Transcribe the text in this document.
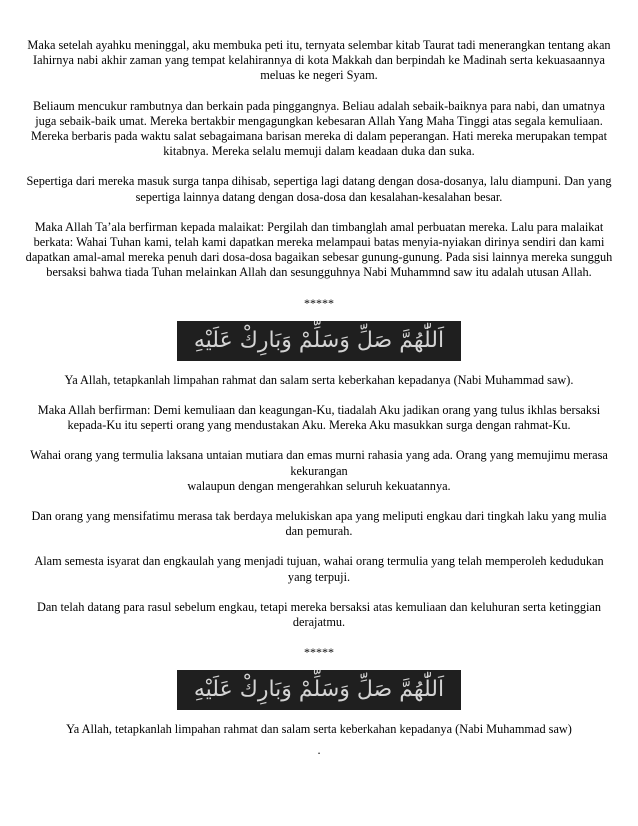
Maka setelah ayahku meninggal, aku membuka peti itu, ternyata selembar kitab Taurat tadi menerangkan tentang akan Iahirnya nabi akhir zaman yang tempat kelahirannya di kota Makkah dan berpindah ke Madinah serta kekuasaannya meluas ke negeri Syam.

Beliaum mencukur rambutnya dan berkain pada pinggangnya. Beliau adalah sebaik-baiknya para nabi, dan umatnya juga sebaik-baik umat. Mereka bertakbir mengagungkan kebesaran Allah Yang Maha Tinggi atas segala kemuliaan. Mereka berbaris pada waktu salat sebagaimana barisan mereka di dalam peperangan. Hati mereka merupakan tempat kitabnya. Mereka selalu memuji dalam keadaan duka dan suka.

Sepertiga dari mereka masuk surga tanpa dihisab, sepertiga lagi datang dengan dosa-dosanya, lalu diampuni. Dan yang sepertiga lainnya datang dengan dosa-dosa dan kesalahan-kesalahan besar.

Maka Allah Ta’ala berfirman kepada malaikat: Pergilah dan timbanglah amal perbuatan mereka. Lalu para malaikat berkata: Wahai Tuhan kami, telah kami dapatkan mereka melampaui batas menyia-nyiakan dirinya sendiri dan kami dapatkan amal-amal mereka penuh dari dosa-dosa bagaikan sebesar gunung-gunung. Pada sisi lainnya mereka sungguh bersaksi bahwa tiada Tuhan melainkan Allah dan sesungguhnya Nabi Muhammnd saw itu adalah utusan Allah.

*****

اَللّٰهُمَّ صَلِّ وَسَلِّمْ وَبَارِكْ عَلَيْهِ

Ya Allah, tetapkanlah limpahan rahmat dan salam serta keberkahan kepadanya (Nabi Muhammad saw).

Maka Allah berfirman: Demi kemuliaan dan keagungan-Ku, tiadalah Aku jadikan orang yang tulus ikhlas bersaksi kepada-Ku itu seperti orang yang mendustakan Aku. Mereka Aku masukkan surga dengan rahmat-Ku.

Wahai orang yang termulia laksana untaian mutiara dan emas murni rahasia yang ada. Orang yang memujimu merasa kekurangan
walaupun dengan mengerahkan seluruh kekuatannya.

Dan orang yang mensifatimu merasa tak berdaya melukiskan apa yang meliputi engkau dari tingkah laku yang mulia dan pemurah.

Alam semesta isyarat dan engkaulah yang menjadi tujuan, wahai orang termulia yang telah memperoleh kedudukan yang terpuji.

Dan telah datang para rasul sebelum engkau, tetapi mereka bersaksi atas kemuliaan dan keluhuran serta ketinggian derajatmu.

*****

اَللّٰهُمَّ صَلِّ وَسَلِّمْ وَبَارِكْ عَلَيْهِ

Ya Allah, tetapkanlah limpahan rahmat dan salam serta keberkahan kepadanya (Nabi Muhammad saw)

.
